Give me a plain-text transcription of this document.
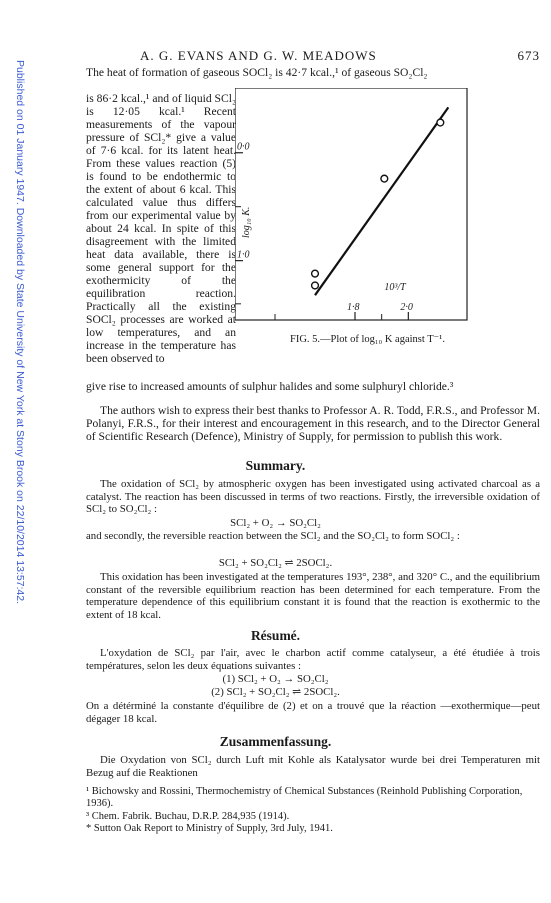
Published on 01 January 1947. Downloaded by State University of New York at Stony Brook on 22/10/2014 13:57:42.
A. G. EVANS AND G. W. MEADOWS	673
The heat of formation of gaseous SOCl₂ is 42·7 kcal.,¹ of gaseous SO₂Cl₂
is 86·2 kcal.,¹ and of liquid SCl₂ is 12·05 kcal.¹ Recent measurements of the vapour pressure of SCl₂* give a value of 7·6 kcal. for its latent heat. From these values reaction (5) is found to be endothermic to the extent of about 6 kcal. This calculated value thus differs from our experimental value by about 24 kcal. In spite of this disagreement with the limited heat data available, there is some general support for the exothermicity of the equilibration reaction. Practically all the existing SOCl₂ processes are worked at low temperatures, and an increase in the temperature has been observed to
1·0
0·0
1·8	2·0
log₁₀ K.
10³/T
FIG. 5.—Plot of log₁₀ K against T⁻¹.
give rise to increased amounts of sulphur halides and some sulphuryl chloride.³
The authors wish to express their best thanks to Professor A. R. Todd, F.R.S., and Professor M. Polanyi, F.R.S., for their interest and encouragement in this research, and to the Director General of Scientific Research (Defence), Ministry of Supply, for permission to publish this work.
Summary.
The oxidation of SCl₂ by atmospheric oxygen has been investigated using activated charcoal as a catalyst. The reaction has been discussed in terms of two reactions. Firstly, the irreversible oxidation of SCl₂ to SO₂Cl₂ :
SCl₂ + O₂ → SO₂Cl₂
and secondly, the reversible reaction between the SCl₂ and the SO₂Cl₂ to form SOCl₂ :
SCl₂ + SO₂Cl₂ ⇌ 2SOCl₂.
This oxidation has been investigated at the temperatures 193°, 238°, and 320° C., and the equilibrium constant of the reversible equilibrium reaction has been determined for each temperature. From the temperature dependence of this equilibrium constant it is found that the reaction is exothermic to the extent of 18 kcal.
Résumé.
L'oxydation de SCl₂ par l'air, avec le charbon actif comme catalyseur, a été étudiée à trois températures, selon les deux équations suivantes :
(1) SCl₂ + O₂ → SO₂Cl₂
(2) SCl₂ + SO₂Cl₂ ⇌ 2SOCl₂.
On a détérminé la constante d'équilibre de (2) et on a trouvé que la réaction —exothermique—peut dégager 18 kcal.
Zusammenfassung.
Die Oxydation von SCl₂ durch Luft mit Kohle als Katalysator wurde bei drei Temperaturen mit Bezug auf die Reaktionen
¹ Bichowsky and Rossini, Thermochemistry of Chemical Substances (Reinhold Publishing Corporation, 1936).
³ Chem. Fabrik. Buchau, D.R.P. 284,935 (1914).
* Sutton Oak Report to Ministry of Supply, 3rd July, 1941.
